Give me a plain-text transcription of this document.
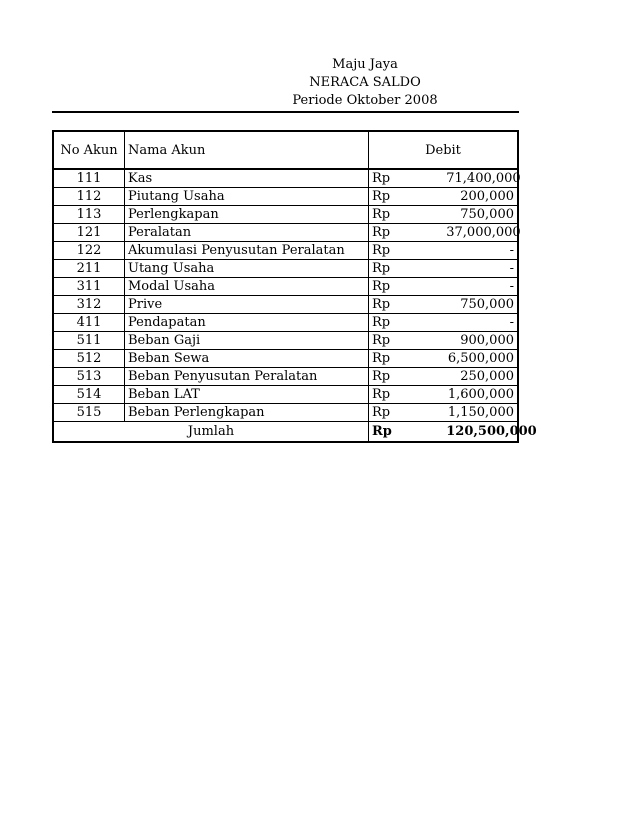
Maju Jaya
NERACA SALDO
Periode Oktober 2008
No Akun	Nama Akun	Debit	
111	Kas	Rp	71,400,000
112	Piutang Usaha	Rp	200,000
113	Perlengkapan	Rp	750,000
121	Peralatan	Rp	37,000,000
122	Akumulasi Penyusutan Peralatan	Rp	-
211	Utang Usaha	Rp	-
311	Modal Usaha	Rp	-
312	Prive	Rp	750,000
411	Pendapatan	Rp	-
511	Beban Gaji	Rp	900,000
512	Beban Sewa	Rp	6,500,000
513	Beban Penyusutan Peralatan	Rp	250,000
514	Beban LAT	Rp	1,600,000
515	Beban Perlengkapan	Rp	1,150,000
Jumlah		Rp	120,500,000
